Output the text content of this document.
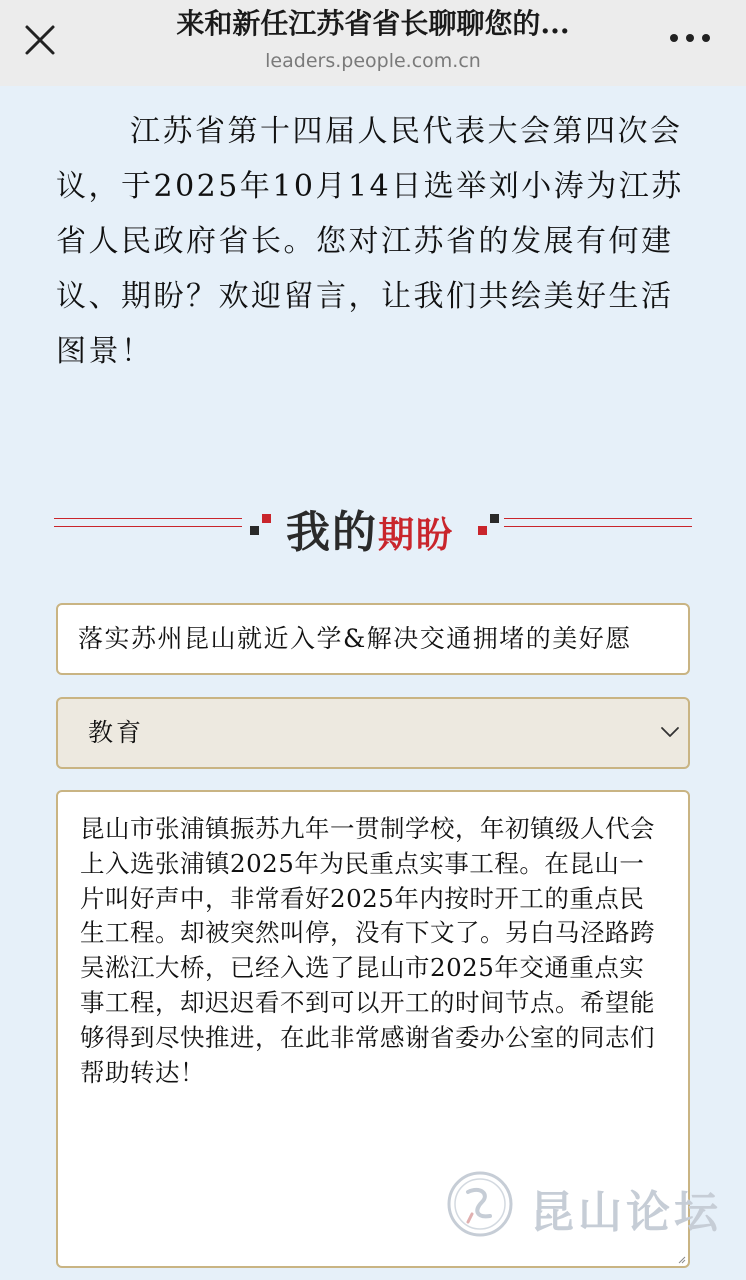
来和新任江苏省省长聊聊您的...
leaders.people.com.cn

江苏省第十四届人民代表大会第四次会议，于2025年10月14日选举刘小涛为江苏省人民政府省长。您对江苏省的发展有何建议、期盼？欢迎留言，让我们共绘美好生活图景！

我的期盼
落实苏州昆山就近入学&解决交通拥堵的美好愿
教育

昆山市张浦镇振苏九年一贯制学校，年初镇级人代会上入选张浦镇2025年为民重点实事工程。在昆山一片叫好声中，非常看好2025年内按时开工的重点民生工程。却被突然叫停，没有下文了。另白马泾路跨吴淞江大桥，已经入选了昆山市2025年交通重点实事工程，却迟迟看不到可以开工的时间节点。希望能够得到尽快推进，在此非常感谢省委办公室的同志们帮助转达！

昆山论坛
